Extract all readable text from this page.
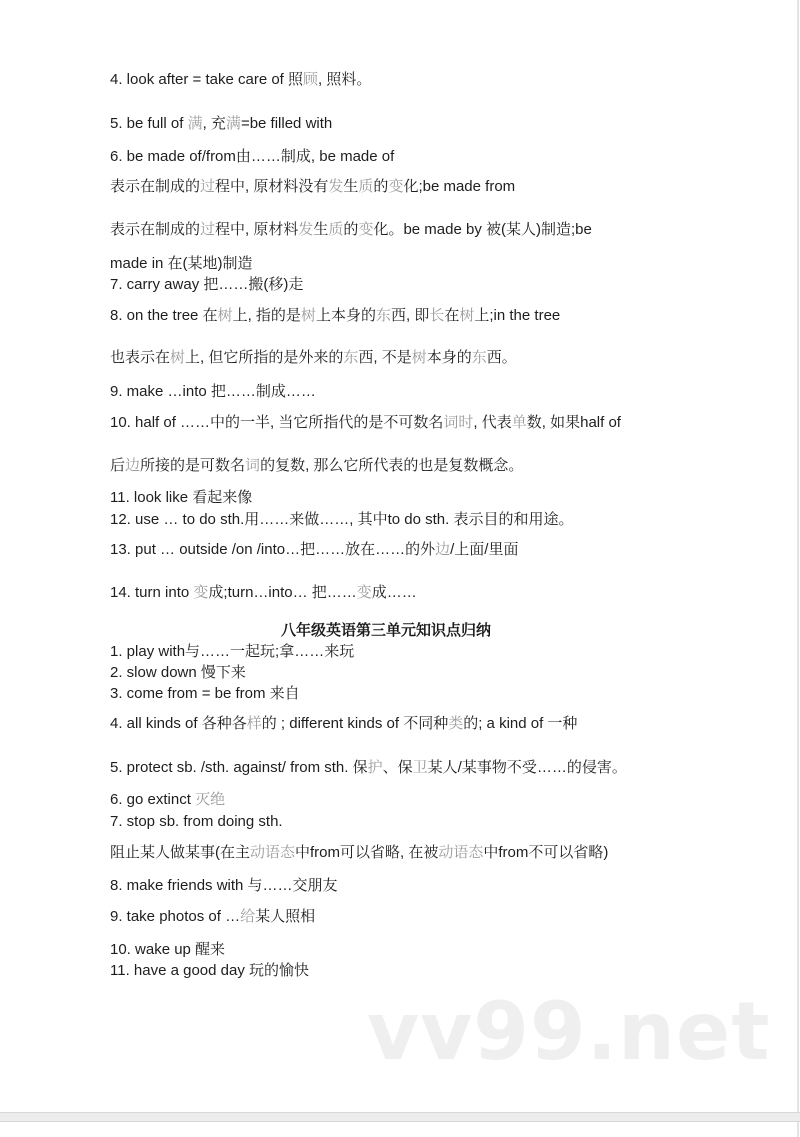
4. look after = take care of 照顾, 照料。
5. be full of 满, 充满=be filled with
6. be made of/from由……制成, be made of
表示在制成的过程中, 原材料没有发生质的变化;be made from
表示在制成的过程中, 原材料发生质的变化。be made by 被(某人)制造;be
made in 在(某地)制造
7. carry away 把……搬(移)走
8. on the tree 在树上, 指的是树上本身的东西, 即长在树上;in the tree
也表示在树上, 但它所指的是外来的东西, 不是树本身的东西。
9. make …into 把……制成……
10. half of ……中的一半, 当它所指代的是不可数名词时, 代表单数, 如果half of
后边所接的是可数名词的复数, 那么它所代表的也是复数概念。
11. look like 看起来像
12. use … to do sth.用……来做……, 其中to do sth. 表示目的和用途。
13. put … outside /on /into…把……放在……的外边/上面/里面
14. turn into 变成;turn…into… 把……变成……
八年级英语第三单元知识点归纳
1. play with与……一起玩;拿……来玩
2. slow down 慢下来
3. come from = be from 来自
4. all kinds of 各种各样的 ; different kinds of 不同种类的; a kind of 一种
5. protect sb. /sth. against/ from sth. 保护、保卫某人/某事物不受……的侵害。
6. go extinct 灭绝
7. stop sb. from doing sth.
阻止某人做某事(在主动语态中from可以省略, 在被动语态中from不可以省略)
8. make friends with 与……交朋友
9. take photos of …给某人照相
10. wake up 醒来
11. have a good day 玩的愉快
vv99.net
